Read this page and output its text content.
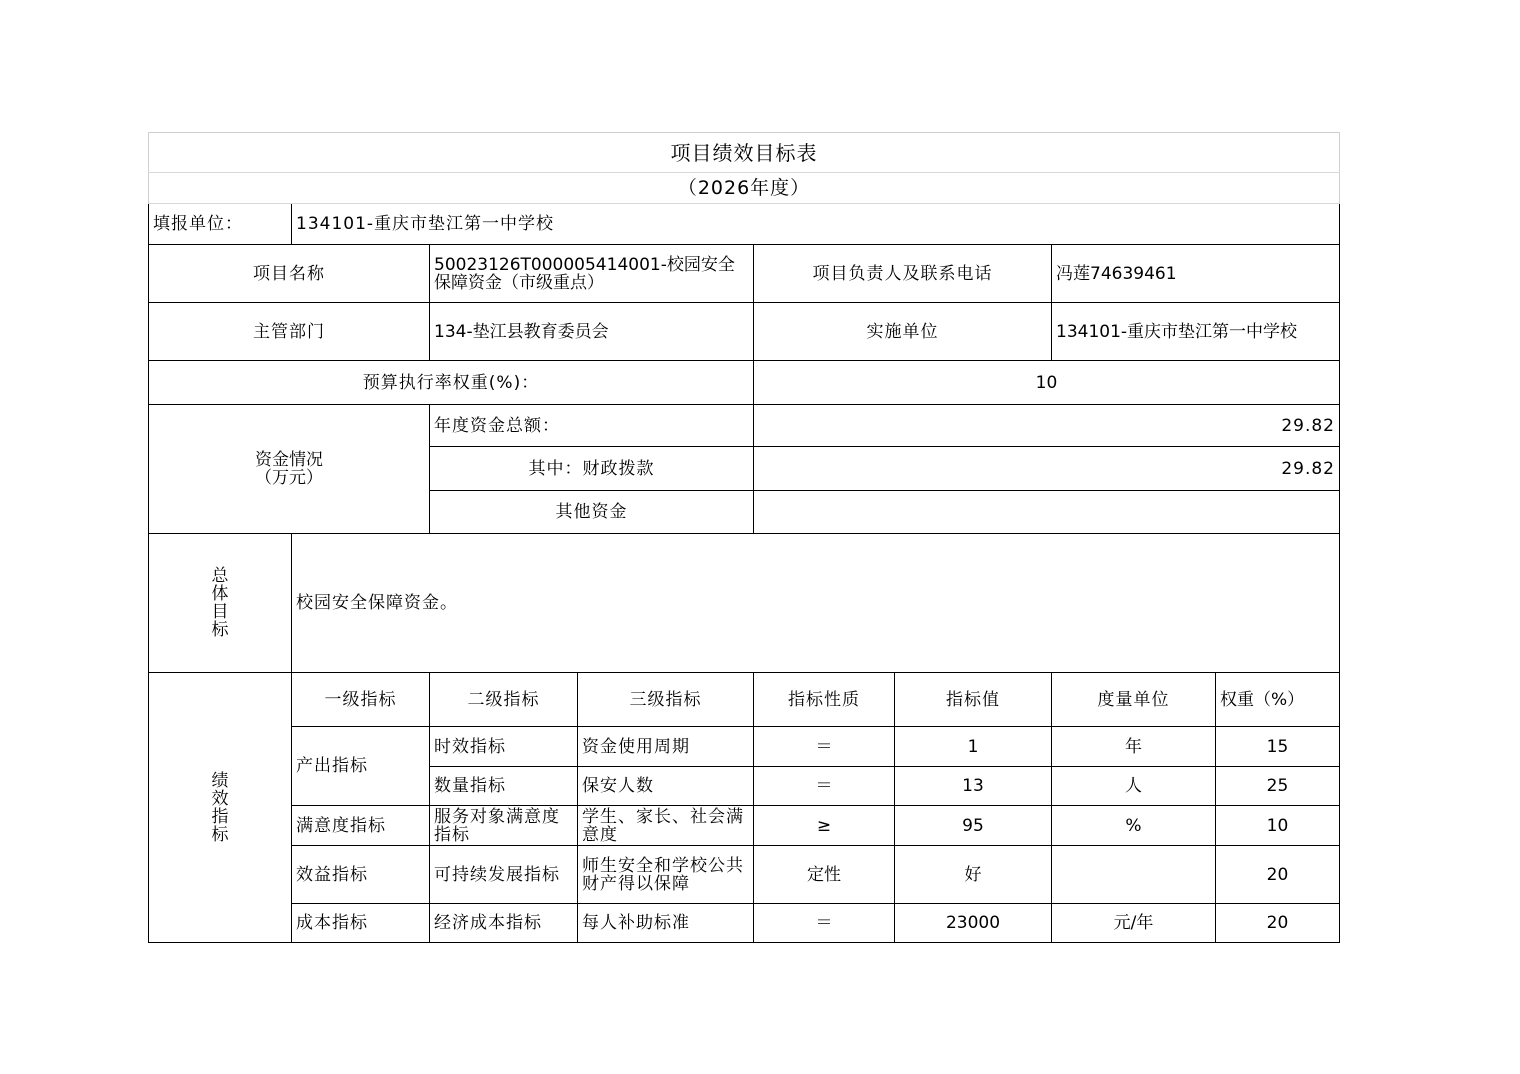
项目绩效目标表							
（2026年度）							
填报单位：	134101-重庆市垫江第一中学校						
项目名称		50023126T000005414001-校园安全保障资金（市级重点）		项目负责人及联系电话		冯莲74639461	
主管部门		134-垫江县教育委员会		实施单位		134101-重庆市垫江第一中学校	
预算执行率权重(%)：				10			
资金情况（万元）		年度资金总额：		29.82			
		其中：财政拨款		29.82			
		其他资金					
总体目标	校园安全保障资金。						
绩效指标	一级指标	二级指标	三级指标	指标性质	指标值	度量单位	权重（%）
	产出指标	时效指标	资金使用周期	＝	1	年	15
		数量指标	保安人数	＝	13	人	25
	满意度指标	服务对象满意度指标	学生、家长、社会满意度	≥	95	%	10
	效益指标	可持续发展指标	师生安全和学校公共财产得以保障	定性	好		20
	成本指标	经济成本指标	每人补助标准	＝	23000	元/年	20
